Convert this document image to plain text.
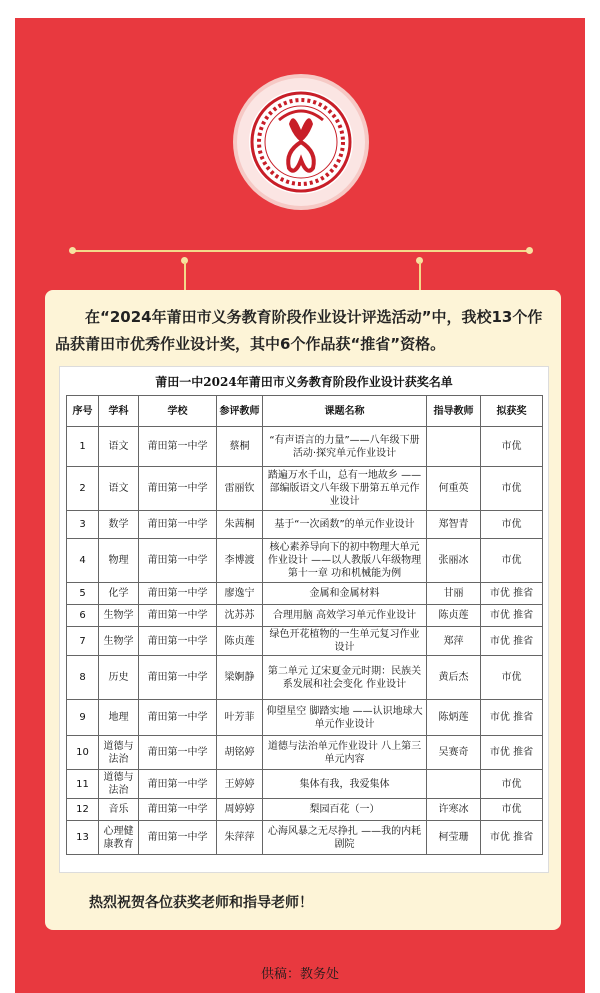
在“2024年莆田市义务教育阶段作业设计评选活动”中，我校13个作品获莆田市优秀作业设计奖，其中6个作品获“推省”资格。

莆田一中2024年莆田市义务教育阶段作业设计获奖名单
序号	学科	学校	参评教师	课题名称	指导教师	拟获奖
1	语文	莆田第一中学	蔡桐	“有声语言的力量”——八年级下册活动·探究单元作业设计		市优
2	语文	莆田第一中学	雷丽钦	踏遍万水千山，总有一地故乡 ——部编版语文八年级下册第五单元作业设计	何重英	市优
3	数学	莆田第一中学	朱茜桐	基于“一次函数”的单元作业设计	郑智青	市优
4	物理	莆田第一中学	李博渡	核心素养导向下的初中物理大单元作业设计 ——以人教版八年级物理第十一章 功和机械能为例	张丽冰	市优
5	化学	莆田第一中学	廖逸宁	金属和金属材料	甘丽	市优 推省
6	生物学	莆田第一中学	沈苏苏	合理用脑 高效学习单元作业设计	陈贞莲	市优 推省
7	生物学	莆田第一中学	陈贞莲	绿色开花植物的一生单元复习作业设计	郑萍	市优 推省
8	历史	莆田第一中学	梁婀静	第二单元 辽宋夏金元时期：民族关系发展和社会变化 作业设计	黄后杰	市优
9	地理	莆田第一中学	叶芳菲	仰望星空 脚踏实地 ——认识地球大单元作业设计	陈炳莲	市优 推省
10	道德与法治	莆田第一中学	胡铭婷	道德与法治单元作业设计 八上第三单元内容	吴赛奇	市优 推省
11	道德与法治	莆田第一中学	王婷婷	集体有我，我爱集体		市优
12	音乐	莆田第一中学	周婷婷	梨园百花（一）	许寒冰	市优
13	心理健康教育	莆田第一中学	朱萍萍	心海风暴之无尽挣扎 ——我的内耗剧院	柯莹珊	市优 推省
热烈祝贺各位获奖老师和指导老师！
供稿：教务处
